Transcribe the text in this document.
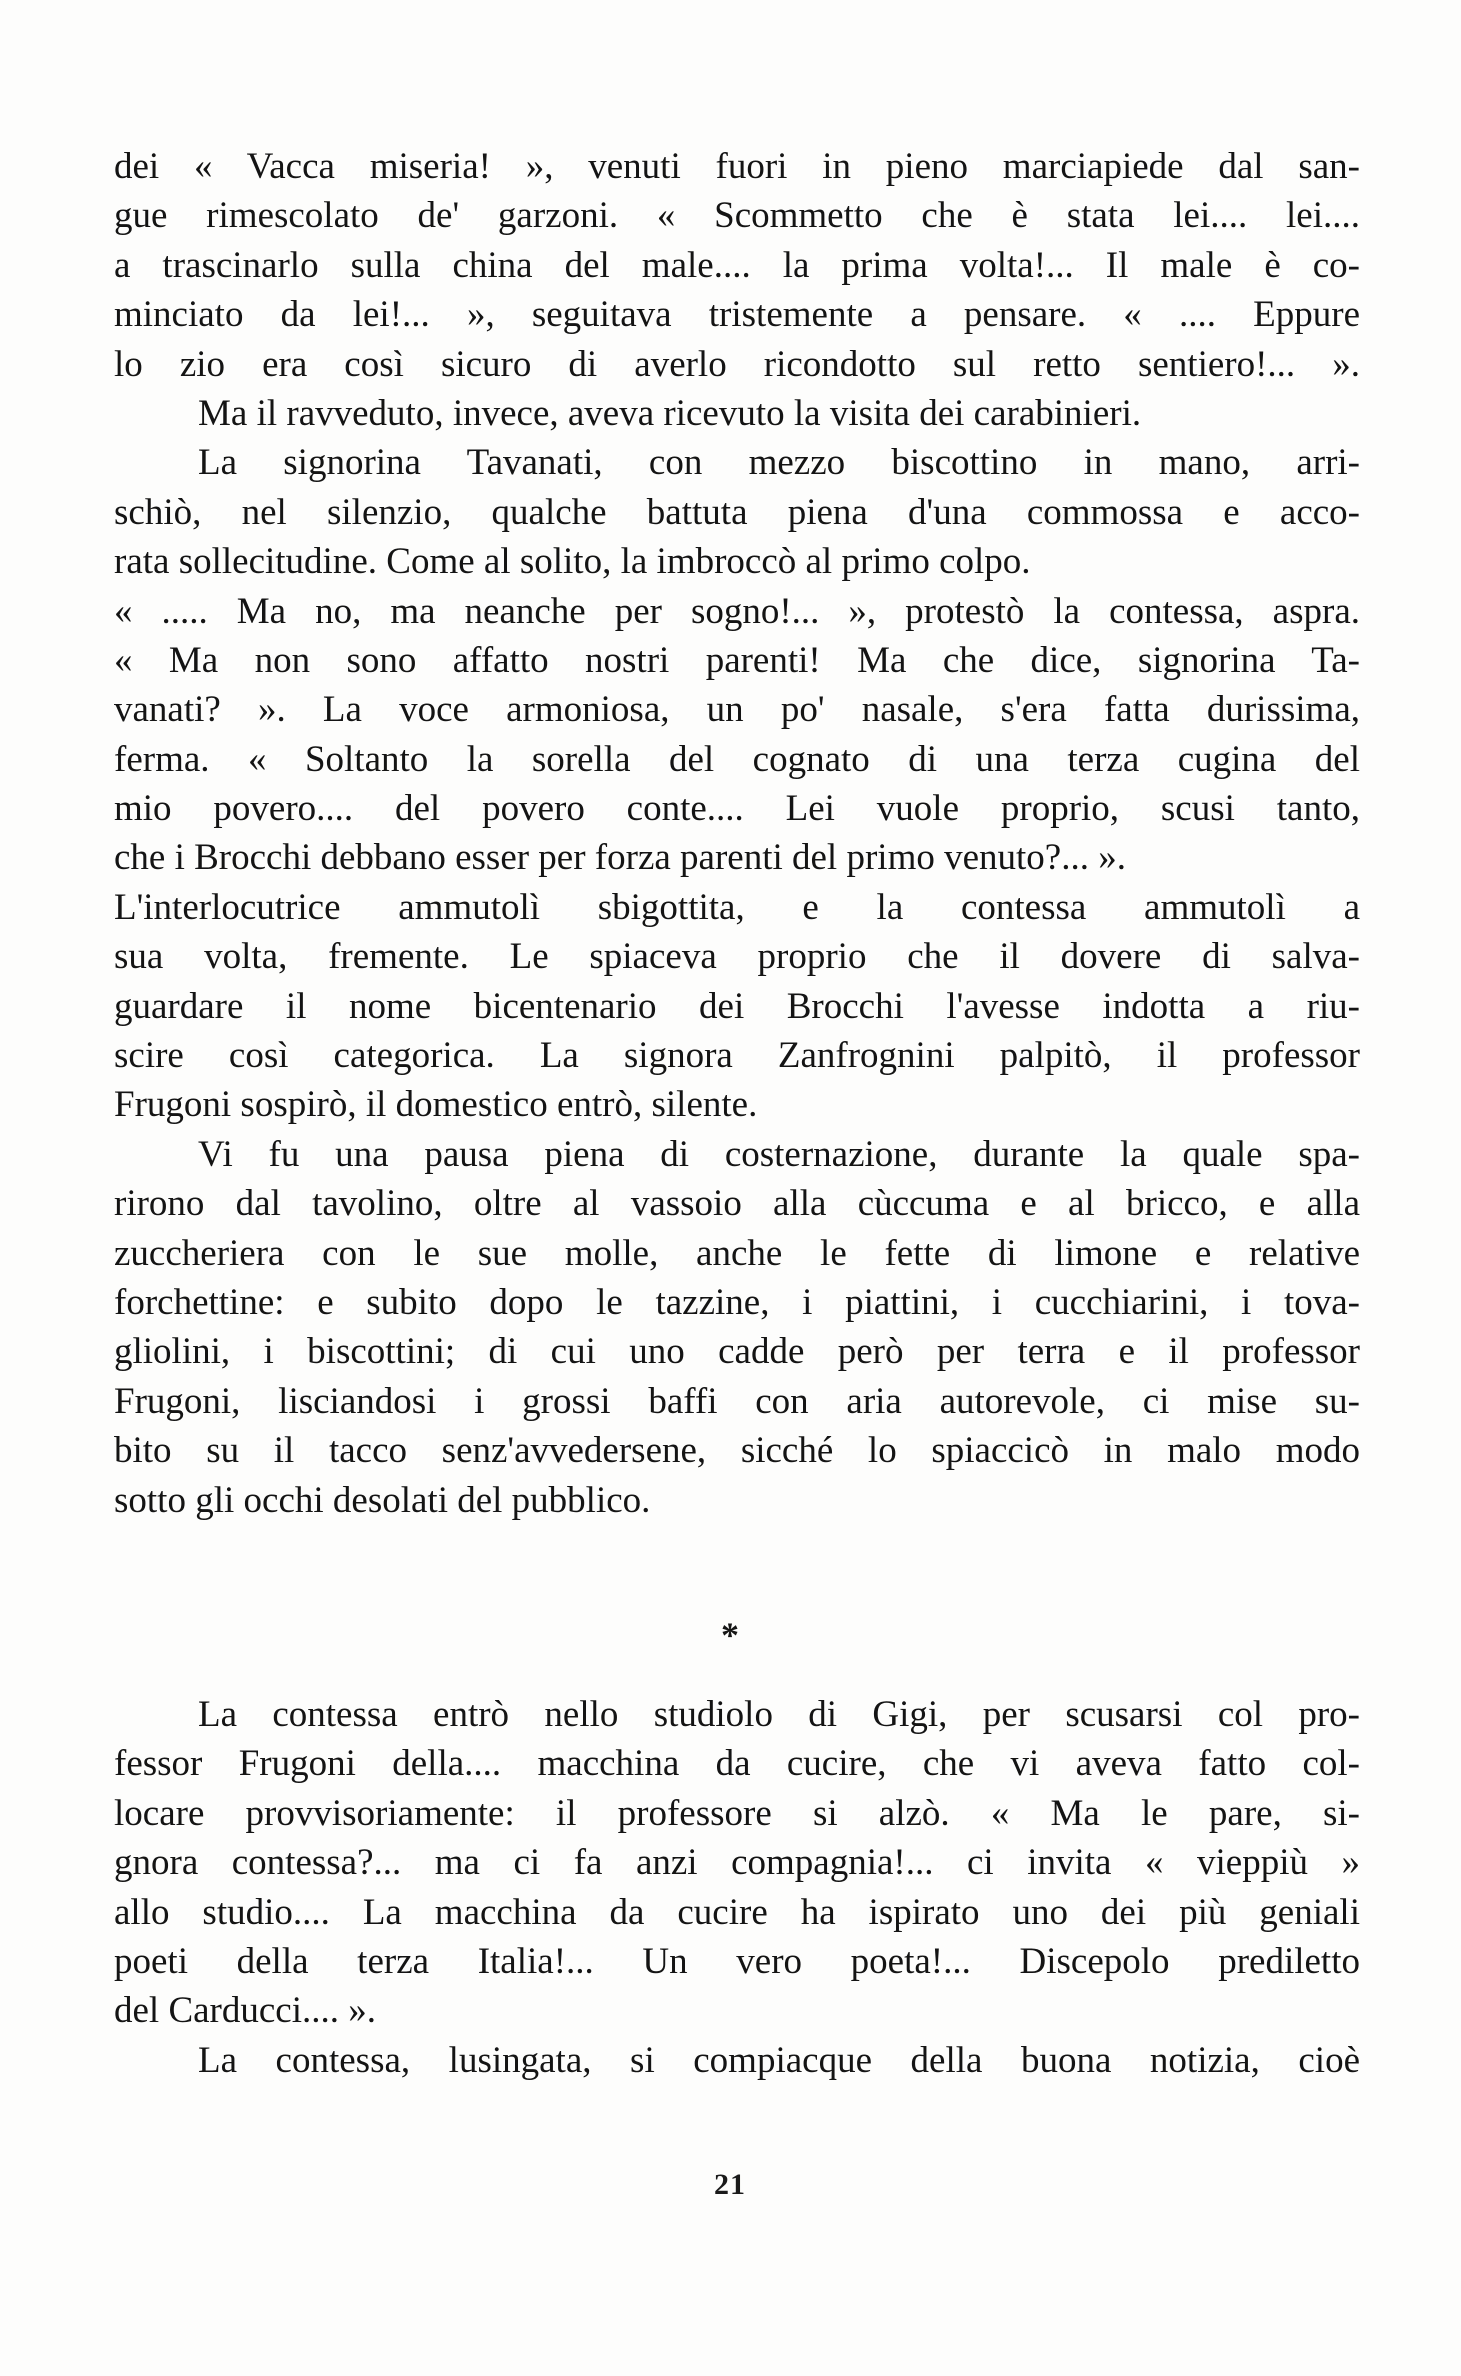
dei « Vacca miseria! », venuti fuori in pieno marciapiede dal san-
gue rimescolato de' garzoni. « Scommetto che è stata lei.... lei....
a trascinarlo sulla china del male.... la prima volta!... Il male è co-
minciato da lei!... », seguitava tristemente a pensare. « .... Eppure
lo zio era così sicuro di averlo ricondotto sul retto sentiero!... ».
Ma il ravveduto, invece, aveva ricevuto la visita dei carabinieri.
La signorina Tavanati, con mezzo biscottino in mano, arri-
schiò, nel silenzio, qualche battuta piena d'una commossa e acco-
rata sollecitudine. Come al solito, la imbroccò al primo colpo.
« ..... Ma no, ma neanche per sogno!... », protestò la contessa, aspra.
« Ma non sono affatto nostri parenti! Ma che dice, signorina Ta-
vanati? ». La voce armoniosa, un po' nasale, s'era fatta durissima,
ferma. « Soltanto la sorella del cognato di una terza cugina del
mio povero.... del povero conte.... Lei vuole proprio, scusi tanto,
che i Brocchi debbano esser per forza parenti del primo venuto?... ».
L'interlocutrice ammutolì sbigottita, e la contessa ammutolì a
sua volta, fremente. Le spiaceva proprio che il dovere di salva-
guardare il nome bicentenario dei Brocchi l'avesse indotta a riu-
scire così categorica. La signora Zanfrognini palpitò, il professor
Frugoni sospirò, il domestico entrò, silente.
Vi fu una pausa piena di costernazione, durante la quale spa-
rirono dal tavolino, oltre al vassoio alla cùccuma e al bricco, e alla
zuccheriera con le sue molle, anche le fette di limone e relative
forchettine: e subito dopo le tazzine, i piattini, i cucchiarini, i tova-
gliolini, i biscottini; di cui uno cadde però per terra e il professor
Frugoni, lisciandosi i grossi baffi con aria autorevole, ci mise su-
bito su il tacco senz'avvedersene, sicché lo spiaccicò in malo modo
sotto gli occhi desolati del pubblico.
*
La contessa entrò nello studiolo di Gigi, per scusarsi col pro-
fessor Frugoni della.... macchina da cucire, che vi aveva fatto col-
locare provvisoriamente: il professore si alzò. « Ma le pare, si-
gnora contessa?... ma ci fa anzi compagnia!... ci invita « vieppiù »
allo studio.... La macchina da cucire ha ispirato uno dei più geniali
poeti della terza Italia!... Un vero poeta!... Discepolo prediletto
del Carducci.... ».
La contessa, lusingata, si compiacque della buona notizia, cioè
21
